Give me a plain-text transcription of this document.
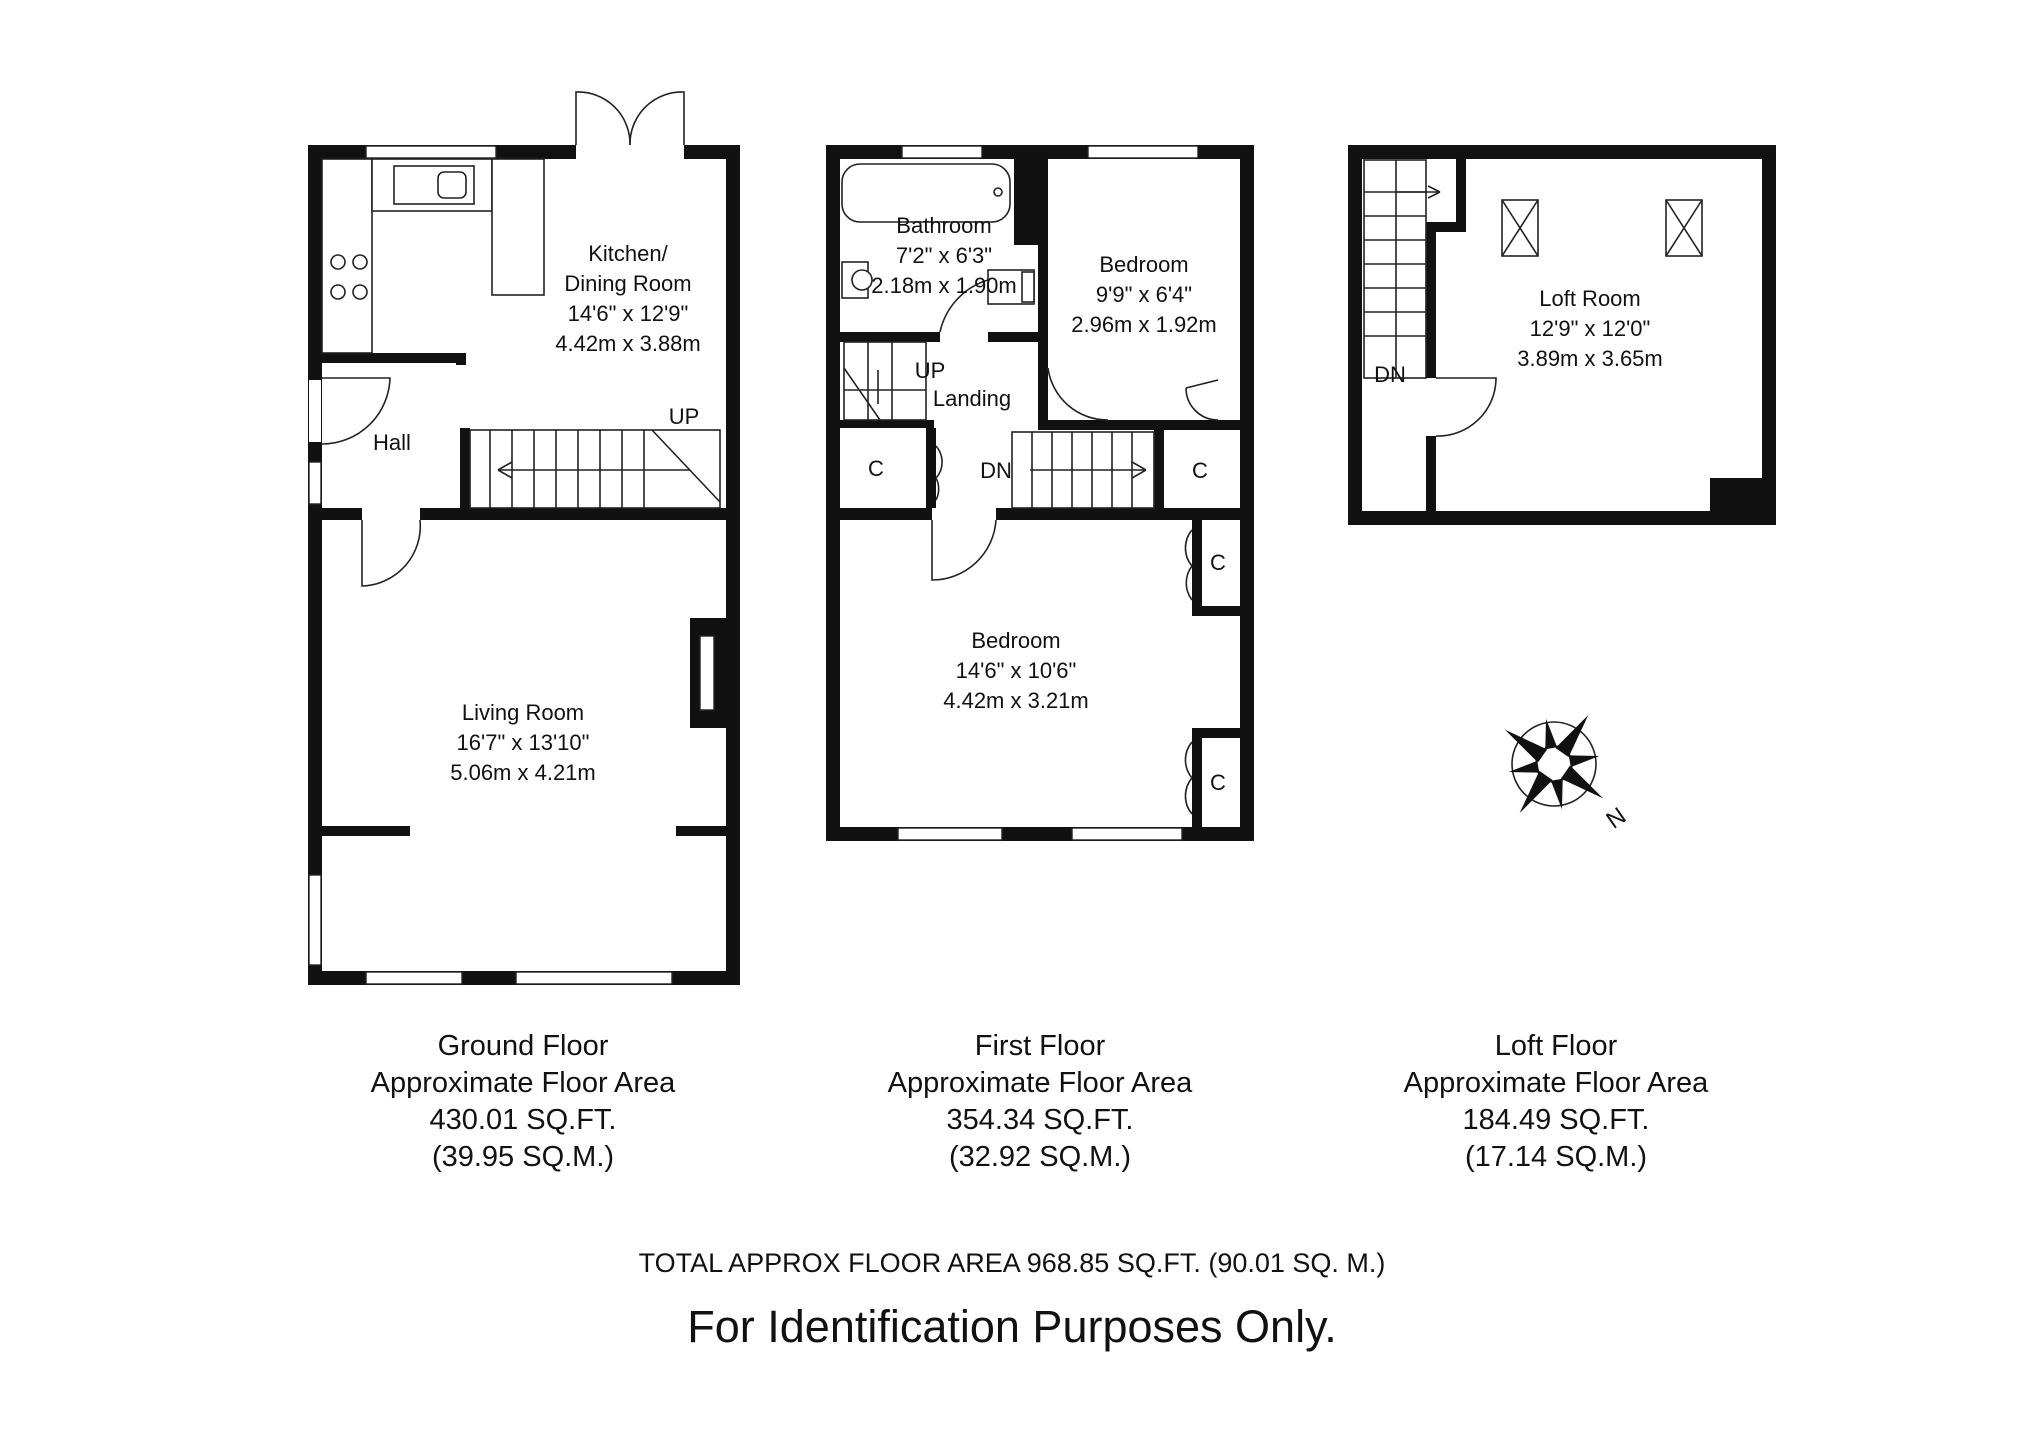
Kitchen/
Dining Room
14'6" x 12'9"
4.42m x 3.88m
Hall
UP
Living Room
16'7" x 13'10"
5.06m x 4.21m
Bathroom
7'2" x 6'3"
2.18m x 1.90m
Bedroom
9'9" x 6'4"
2.96m x 1.92m
UP
Landing
DN
C	C
C
C
Bedroom
14'6" x 10'6"
4.42m x 3.21m
DN
Loft Room
12'9" x 12'0"
3.89m x 3.65m
N
Ground Floor
Approximate Floor Area
430.01 SQ.FT.
(39.95 SQ.M.)
First Floor
Approximate Floor Area
354.34 SQ.FT.
(32.92 SQ.M.)
Loft Floor
Approximate Floor Area
184.49 SQ.FT.
(17.14 SQ.M.)
TOTAL APPROX FLOOR AREA 968.85 SQ.FT. (90.01 SQ. M.)
For Identification Purposes Only.
